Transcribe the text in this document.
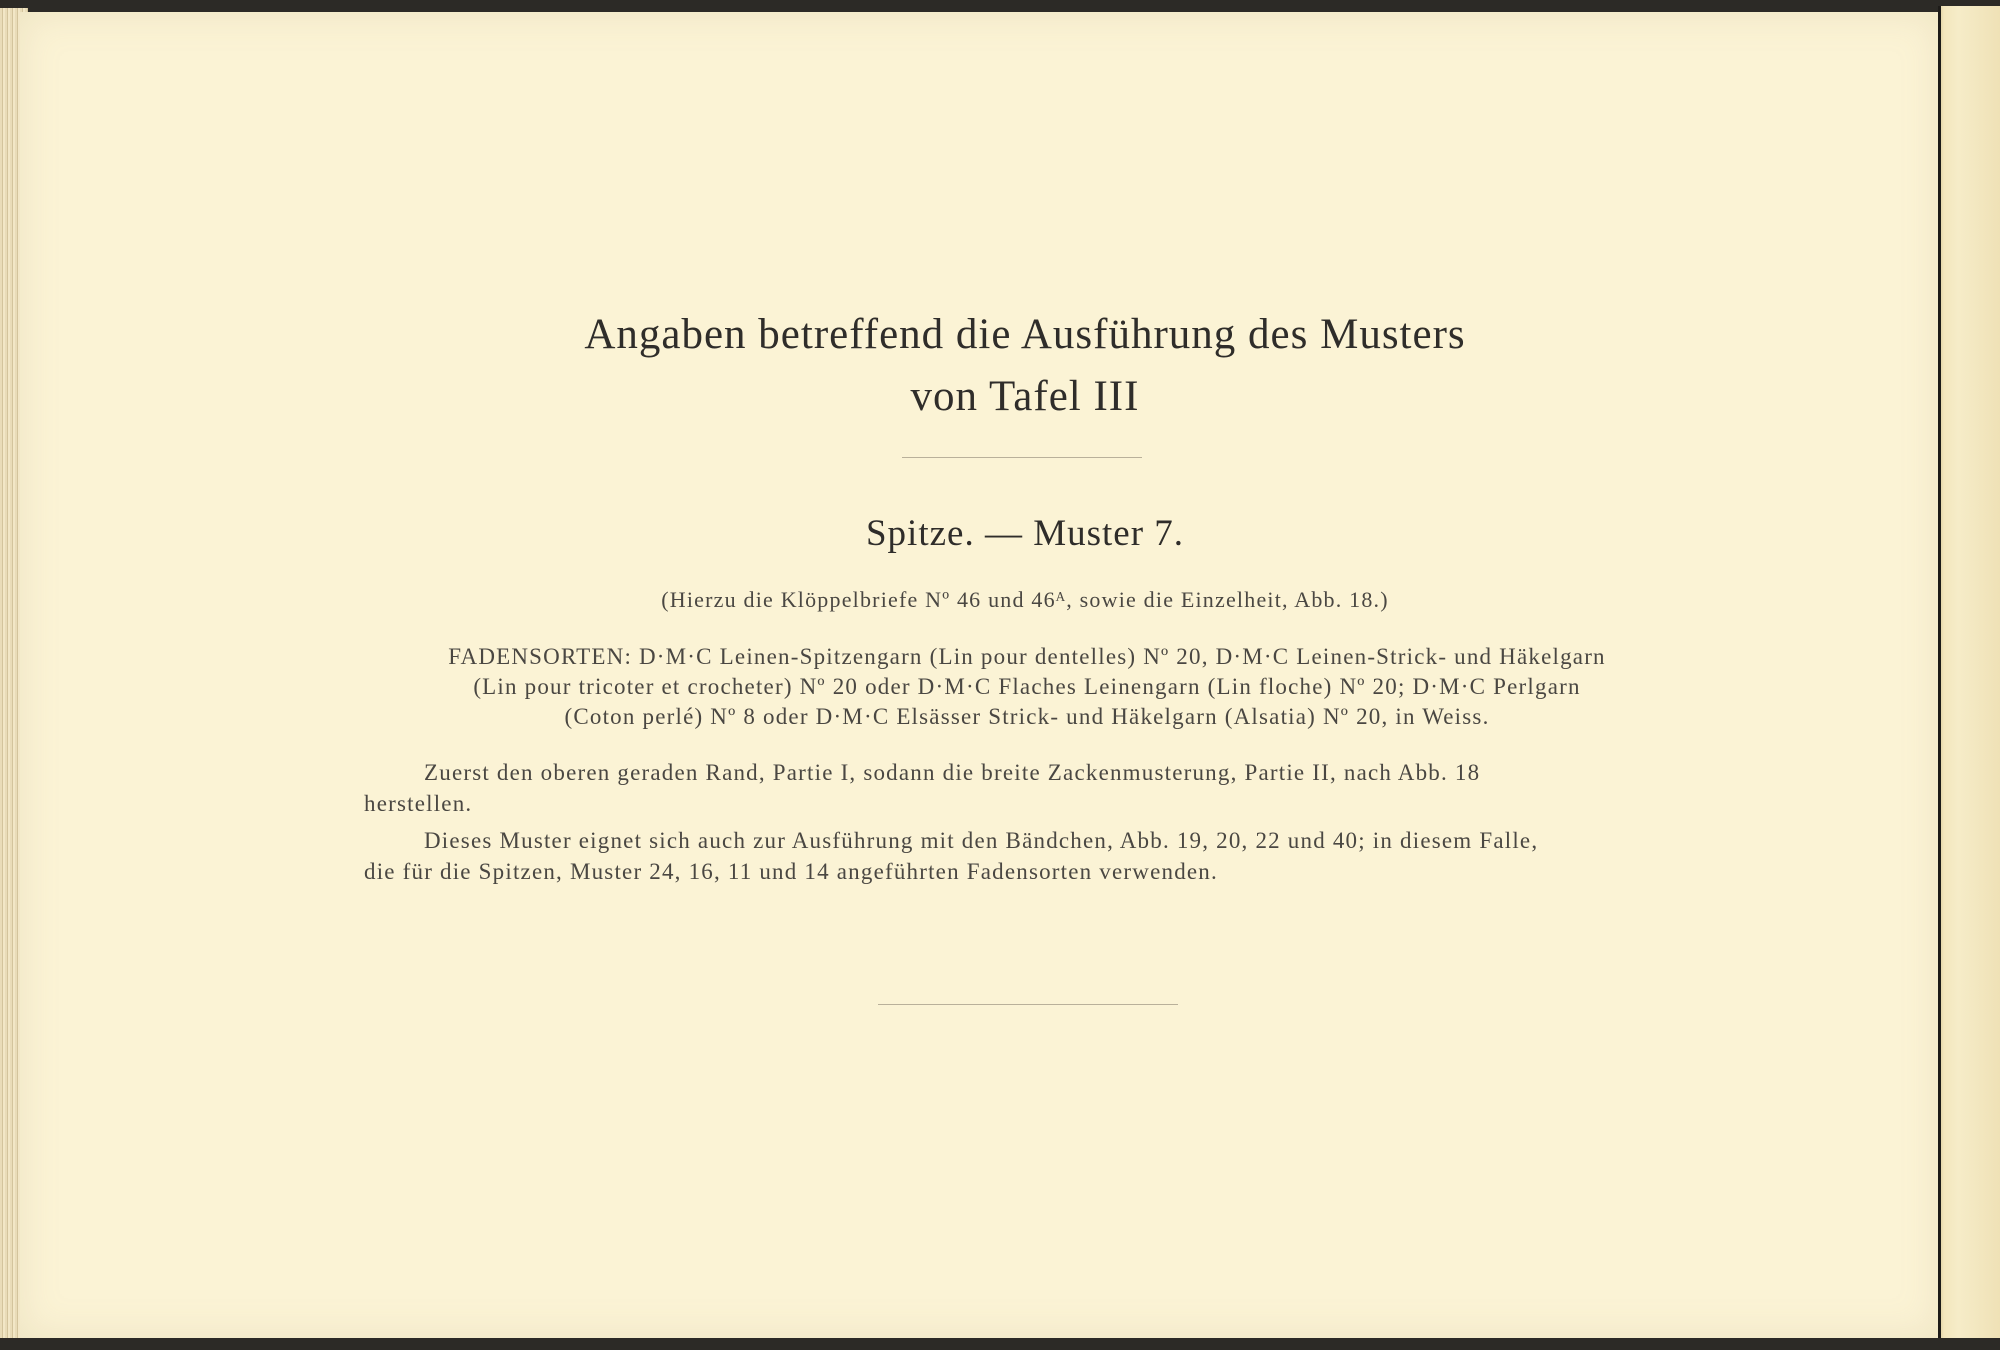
Angaben betreffend die Ausführung des Musters
von Tafel III
Spitze. — Muster 7.
(Hierzu die Klöppelbriefe Nº 46 und 46ᴬ, sowie die Einzelheit, Abb. 18.)
FADENSORTEN: D·M·C Leinen-Spitzengarn (Lin pour dentelles) Nº 20, D·M·C Leinen-Strick- und Häkelgarn
(Lin pour tricoter et crocheter) Nº 20 oder D·M·C Flaches Leinengarn (Lin floche) Nº 20; D·M·C Perlgarn
(Coton perlé) Nº 8 oder D·M·C Elsässer Strick- und Häkelgarn (Alsatia) Nº 20, in Weiss.
Zuerst den oberen geraden Rand, Partie I, sodann die breite Zackenmusterung, Partie II, nach Abb. 18
herstellen.
Dieses Muster eignet sich auch zur Ausführung mit den Bändchen, Abb. 19, 20, 22 und 40; in diesem Falle,
die für die Spitzen, Muster 24, 16, 11 und 14 angeführten Fadensorten verwenden.
